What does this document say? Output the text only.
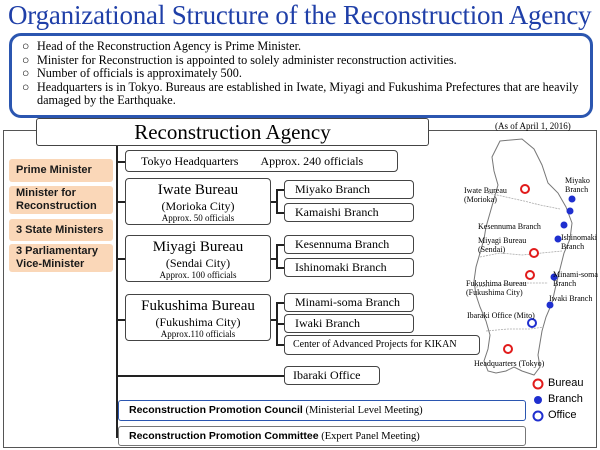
Organizational Structure of the Reconstruction Agency
○ Head of the Reconstruction Agency is Prime Minister.
○ Minister for Reconstruction is appointed to solely administer reconstruction activities.
○ Number of officials is approximately 500.
○ Headquarters is in Tokyo. Bureaus are established in Iwate, Miyagi and Fukushima Prefectures that are heavily damaged by the Earthquake.
Reconstruction Agency	(As of April 1, 2016)
Prime Minister
Minister for Reconstruction
3 State Ministers
3 Parliamentary Vice-Minister
Tokyo Headquarters Approx. 240 officials
Iwate Bureau
(Morioka City)
Approx. 50 officials
Miyagi Bureau
(Sendai City)
Approx. 100 officials
Fukushima Bureau
(Fukushima City)
Approx.110 officials
Miyako Branch
Kamaishi Branch
Kesennuma Branch
Ishinomaki Branch
Minami-soma Branch
Iwaki Branch
Center of Advanced Projects for KIKAN
Ibaraki Office
Reconstruction Promotion Council (Ministerial Level Meeting)
Reconstruction Promotion Committee (Expert Panel Meeting)
Iwate Bureau
(Morioka)
Miyako
Branch
Kesennuma Branch
Ishinomaki
Branch
Miyagi Bureau
(Sendai)
Fukushima Bureau
(Fukushima City)
Minami-soma
Branch
Iwaki Branch
Ibaraki Office (Mito)
Headquarters (Tokyo)
Bureau
Branch
Office
